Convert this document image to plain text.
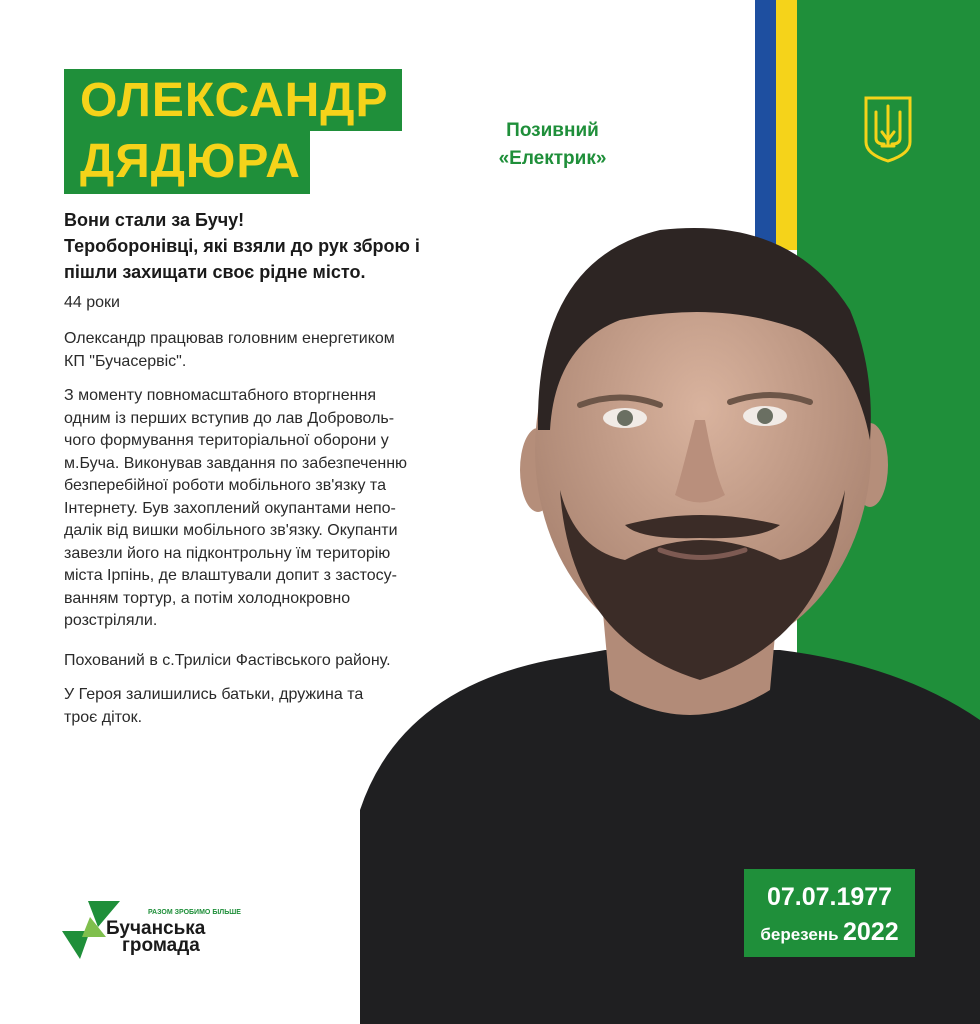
ОЛЕКСАНДР
ДЯДЮРА
Позивний
«Електрик»
Вони стали за Бучу!
Тероборонівці, які взяли до рук зброю і
пішли захищати своє рідне місто.
44 роки
Олександр працював головним енергетиком
КП "Бучасервіс".
З моменту повномасштабного вторгнення
одним із перших вступив до лав Доброволь-
чого формування територіальної оборони у
м.Буча. Виконував завдання по забезпеченню
безперебійної роботи мобільного зв'язку та
Інтернету. Був захоплений окупантами непо-
далік від вишки мобільного зв'язку. Окупанти
завезли його на підконтрольну їм територію
міста Ірпінь, де влаштували допит з застосу-
ванням тортур, а потім холоднокровно
розстріляли.
Похований в с.Триліси Фастівського району.
У Героя залишились батьки, дружина та
троє діток.
07.07.1977
березень 2022
РАЗОМ ЗРОБИМО БІЛЬШЕ
Бучанська
громада
